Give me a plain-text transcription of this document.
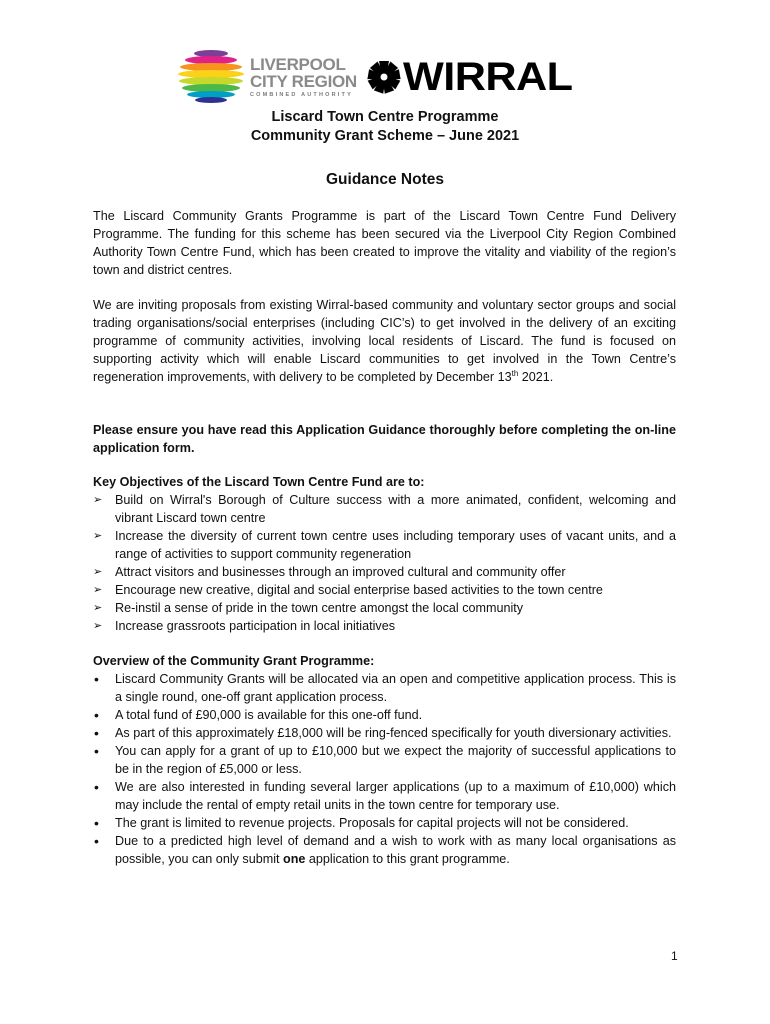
LIVERPOOL
CITY REGION
COMBINED AUTHORITY WIRRAL
Liscard Town Centre Programme
Community Grant Scheme – June 2021
Guidance Notes

The Liscard Community Grants Programme is part of the Liscard Town Centre Fund Delivery Programme. The funding for this scheme has been secured via the Liverpool City Region Combined Authority Town Centre Fund, which has been created to improve the vitality and viability of the region’s town and district centres.

We are inviting proposals from existing Wirral-based community and voluntary sector groups and social trading organisations/social enterprises (including CIC’s) to get involved in the delivery of an exciting programme of community activities, involving local residents of Liscard. The fund is focused on supporting activity which will enable Liscard communities to get involved in the Town Centre’s regeneration improvements, with delivery to be completed by December 13th 2021.

Please ensure you have read this Application Guidance thoroughly before completing the on-line application form.

Key Objectives of the Liscard Town Centre Fund are to:
➢	Build on Wirral's Borough of Culture success with a more animated, confident, welcoming and vibrant Liscard town centre
➢	Increase the diversity of current town centre uses including temporary uses of vacant units, and a range of activities to support community regeneration
➢	Attract visitors and businesses through an improved cultural and community offer
➢	Encourage new creative, digital and social enterprise based activities to the town centre
➢	Re-instil a sense of pride in the town centre amongst the local community
➢	Increase grassroots participation in local initiatives
Overview of the Community Grant Programme:
•	Liscard Community Grants will be allocated via an open and competitive application process. This is a single round, one-off grant application process.
•	A total fund of £90,000 is available for this one-off fund.
•	As part of this approximately £18,000 will be ring-fenced specifically for youth diversionary activities.
•	You can apply for a grant of up to £10,000 but we expect the majority of successful applications to be in the region of £5,000 or less.
•	We are also interested in funding several larger applications (up to a maximum of £10,000) which may include the rental of empty retail units in the town centre for temporary use.
•	The grant is limited to revenue projects. Proposals for capital projects will not be considered.
•	Due to a predicted high level of demand and a wish to work with as many local organisations as possible, you can only submit one application to this grant programme.
1
